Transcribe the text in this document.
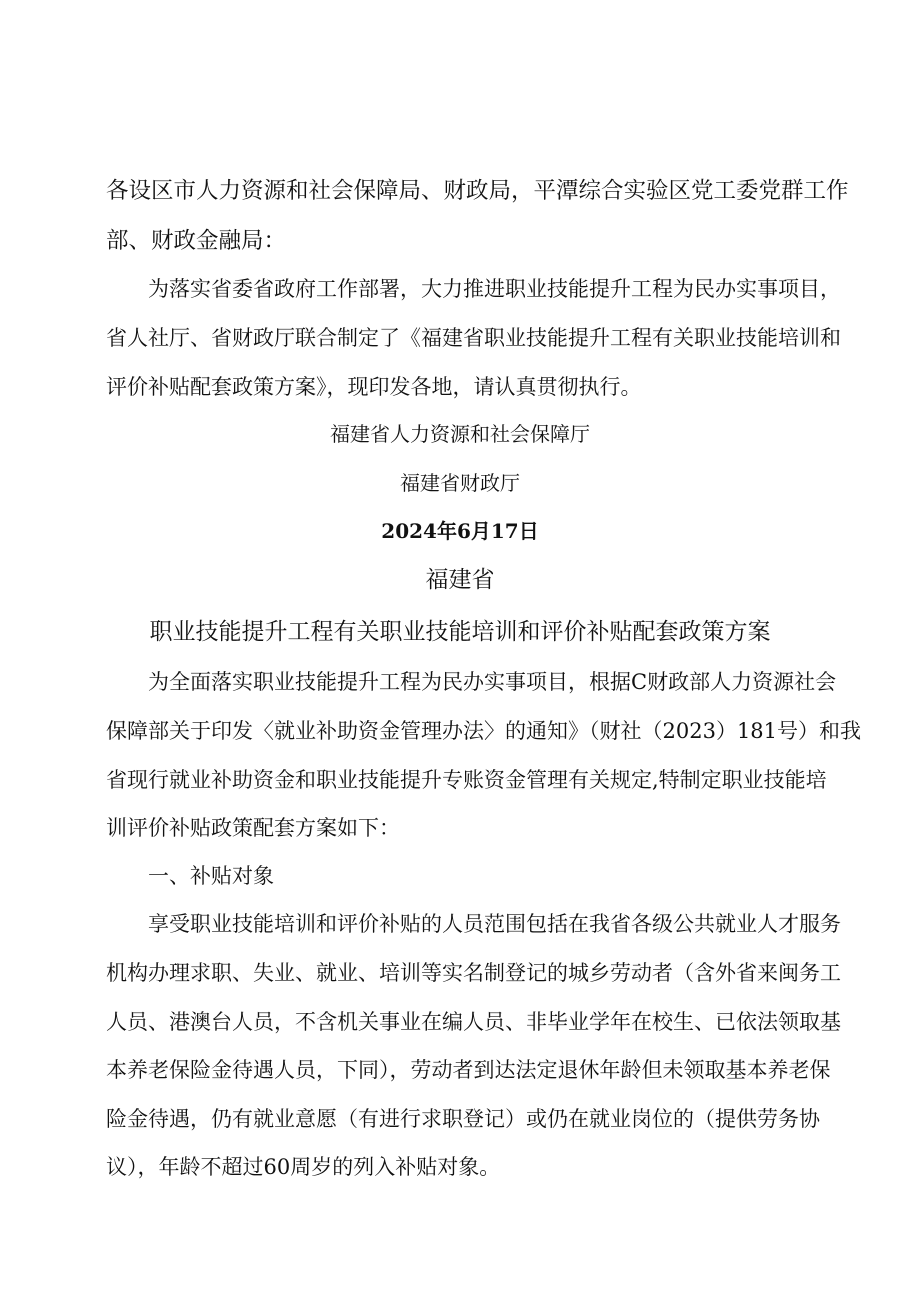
各设区市人力资源和社会保障局、财政局，平潭综合实验区党工委党群工作
部、财政金融局：
为落实省委省政府工作部署，大力推进职业技能提升工程为民办实事项目，
省人社厅、省财政厅联合制定了《福建省职业技能提升工程有关职业技能培训和
评价补贴配套政策方案》，现印发各地，请认真贯彻执行。
福建省人力资源和社会保障厅
福建省财政厅
2024年6月17日
福建省
职业技能提升工程有关职业技能培训和评价补贴配套政策方案
为全面落实职业技能提升工程为民办实事项目，根据C财政部人力资源社会
保障部关于印发〈就业补助资金管理办法〉的通知》（财社（2023）181号）和我
省现行就业补助资金和职业技能提升专账资金管理有关规定,特制定职业技能培
训评价补贴政策配套方案如下：
一、补贴对象
享受职业技能培训和评价补贴的人员范围包括在我省各级公共就业人才服务
机构办理求职、失业、就业、培训等实名制登记的城乡劳动者（含外省来闽务工
人员、港澳台人员，不含机关事业在编人员、非毕业学年在校生、已依法领取基
本养老保险金待遇人员，下同），劳动者到达法定退休年龄但未领取基本养老保
险金待遇，仍有就业意愿（有进行求职登记）或仍在就业岗位的（提供劳务协
议），年龄不超过60周岁的列入补贴对象。
